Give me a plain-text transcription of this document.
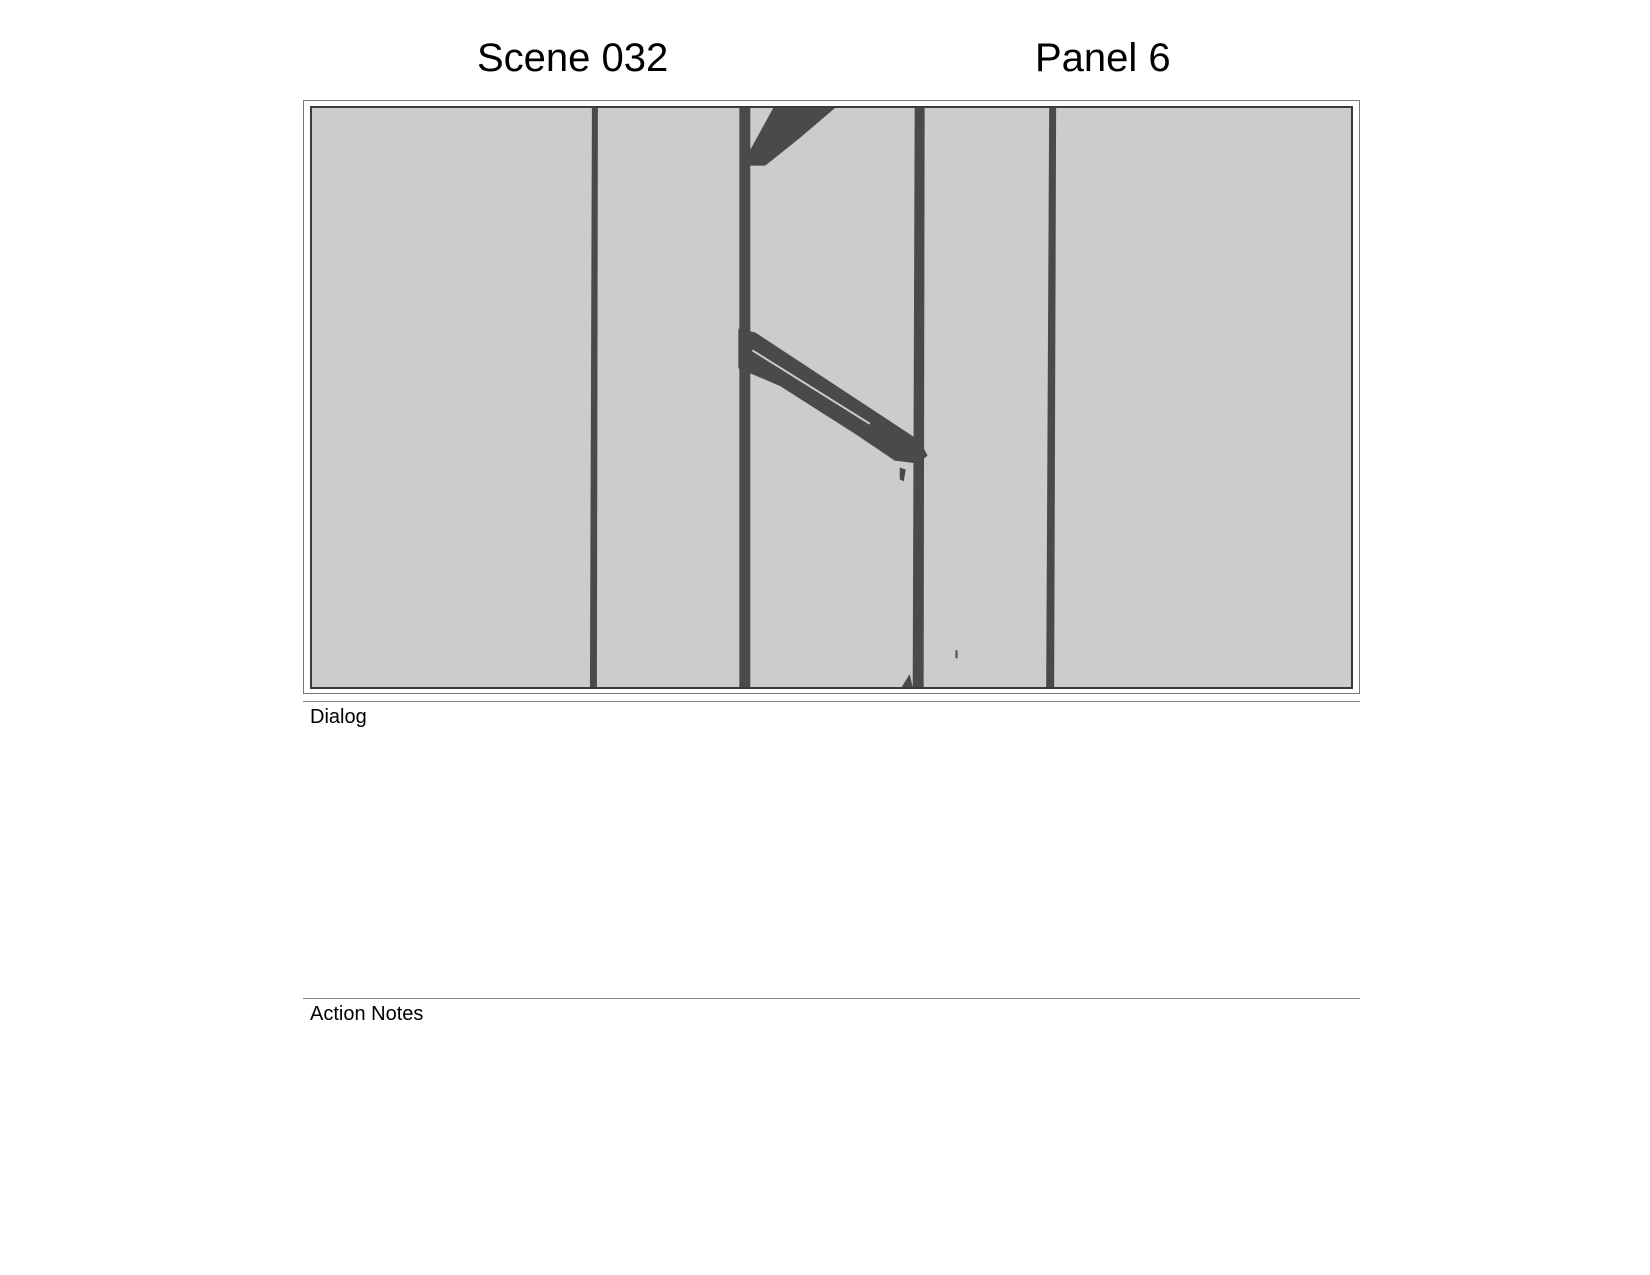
Scene 032	Panel 6
Dialog
Action Notes
